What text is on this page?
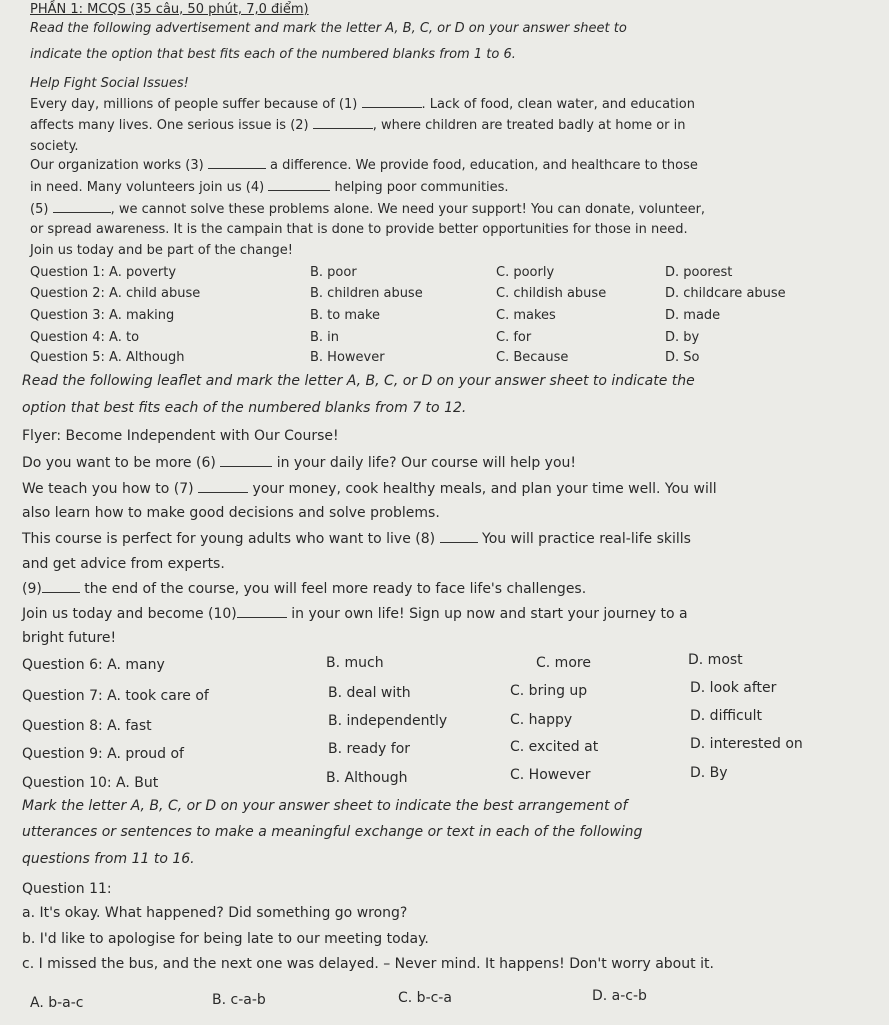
PHẦN 1: MCQS (35 câu, 50 phút, 7,0 điểm)
Read the following advertisement and mark the letter A, B, C, or D on your answer sheet to
indicate the option that best fits each of the numbered blanks from 1 to 6.
Help Fight Social Issues!
Every day, millions of people suffer because of (1)	. Lack of food, clean water, and education
affects many lives. One serious issue is (2)	, where children are treated badly at home or in
society.
Our organization works (3)	a difference. We provide food, education, and healthcare to those
in need. Many volunteers join us (4)	helping poor communities.
(5)	, we cannot solve these problems alone. We need your support! You can donate, volunteer,
or spread awareness. It is the campain that is done to provide better opportunities for those in need.
Join us today and be part of the change!
Question 1: A. poverty	B. poor	C. poorly	D. poorest
Question 2: A. child abuse	B. children abuse	C. childish abuse	D. childcare abuse
Question 3: A. making	B. to make	C. makes	D. made
Question 4: A. to	B. in	C. for	D. by
Question 5: A. Although	B. However	C. Because	D. So
Read the following leaflet and mark the letter A, B, C, or D on your answer sheet to indicate the
option that best fits each of the numbered blanks from 7 to 12.
Flyer: Become Independent with Our Course!
Do you want to be more (6)	in your daily life? Our course will help you!
We teach you how to (7)	your money, cook healthy meals, and plan your time well. You will
also learn how to make good decisions and solve problems.
This course is perfect for young adults who want to live (8)	You will practice real-life skills
and get advice from experts.
(9)	the end of the course, you will feel more ready to face life's challenges.
Join us today and become (10)	in your own life! Sign up now and start your journey to a
bright future!
Question 6: A. many	B. much	C. more	D. most
Question 7: A. took care of	B. deal with	C. bring up	D. look after
Question 8: A. fast	B. independently	C. happy	D. difficult
Question 9: A. proud of	B. ready for	C. excited at	D. interested on
Question 10: A. But	B. Although	C. However	D. By
Mark the letter A, B, C, or D on your answer sheet to indicate the best arrangement of
utterances or sentences to make a meaningful exchange or text in each of the following
questions from 11 to 16.
Question 11:
a. It's okay. What happened? Did something go wrong?
b. I'd like to apologise for being late to our meeting today.
c. I missed the bus, and the next one was delayed. – Never mind. It happens! Don't worry about it.
A. b-a-c	B. c-a-b	C. b-c-a	D. a-c-b
